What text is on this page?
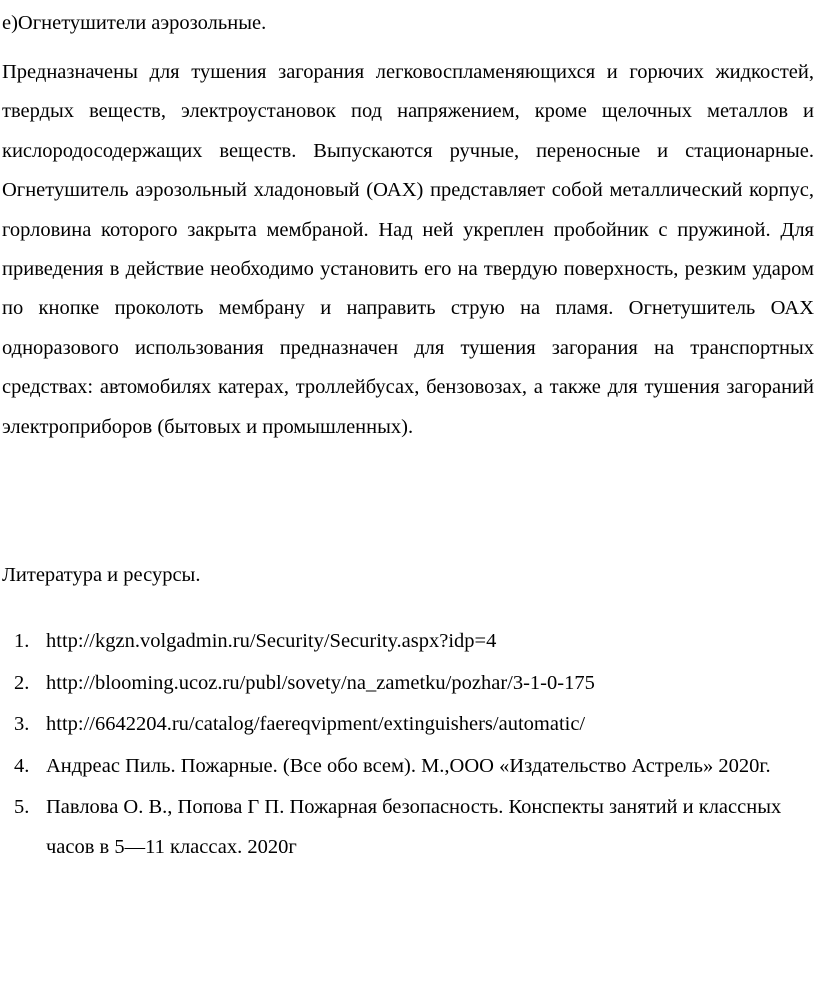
е)Огнетушители аэрозольные.

Предназначены для тушения загорания легковоспламеняющихся и горючих жидкостей, твердых веществ, электроустановок под напряжением, кроме щелочных металлов и кислородосодержащих веществ. Выпускаются ручные, переносные и стационарные. Огнетушитель аэрозольный хладоновый (ОАХ) представляет собой металлический корпус, горловина которого закрыта мембраной. Над ней укреплен пробойник с пружиной. Для приведения в действие необходимо установить его на твердую поверхность, резким ударом по кнопке проколоть мембрану и направить струю на пламя. Огнетушитель ОАХ одноразового использования предназначен для тушения загорания на транспортных средствах: автомобилях катерах, троллейбусах, бензовозах, а также для тушения загораний электроприборов (бытовых и промышленных).

Литература и ресурсы.
1. http://kgzn.volgadmin.ru/Security/Security.aspx?idp=4
2. http://blooming.ucoz.ru/publ/sovety/na_zametku/pozhar/3-1-0-175
3. http://6642204.ru/catalog/faereqvipment/extinguishers/automatic/
4. Андреас Пиль. Пожарные. (Все обо всем). М.,ООО «Издательство Астрель» 2020г.
5. Павлова О. В., Попова Г П. Пожарная безопасность. Конспекты занятий и классных часов в 5—11 классах. 2020г
